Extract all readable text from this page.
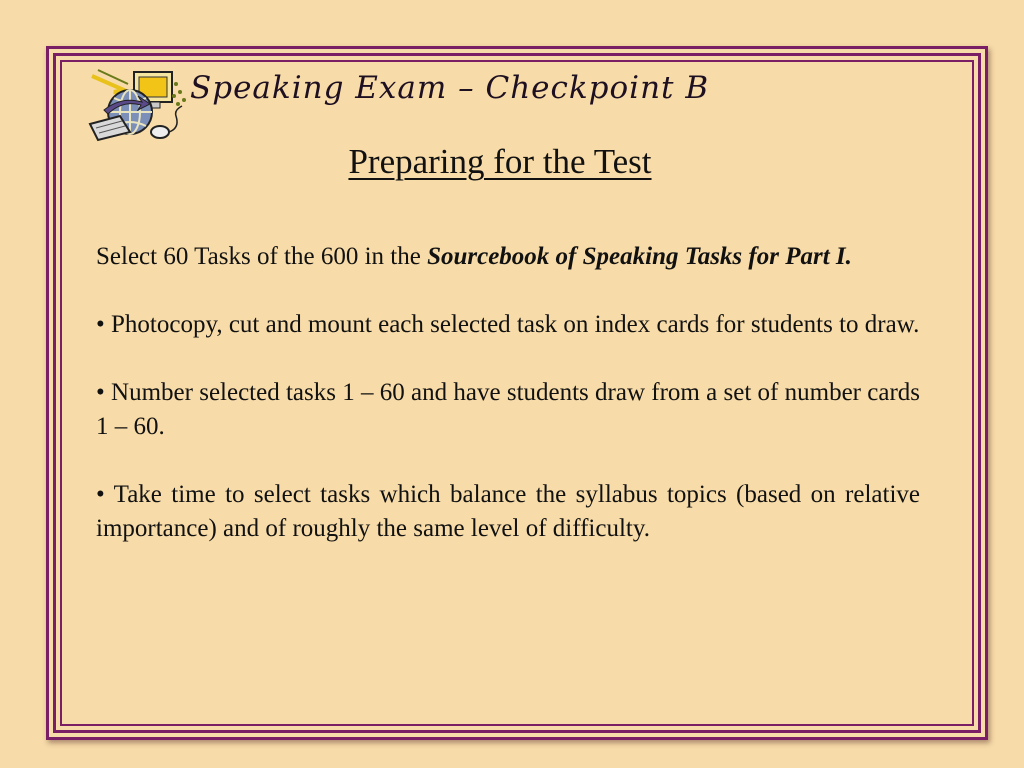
Speaking Exam – Checkpoint B
Preparing for the Test

Select 60 Tasks of the 600 in the Sourcebook of Speaking Tasks for Part I.

• Photocopy, cut and mount each selected task on index cards for students to draw.

• Number selected tasks 1 – 60 and have students draw from a set of number cards 1 – 60.

• Take time to select tasks which balance the syllabus topics (based on relative importance) and of roughly the same level of difficulty.
